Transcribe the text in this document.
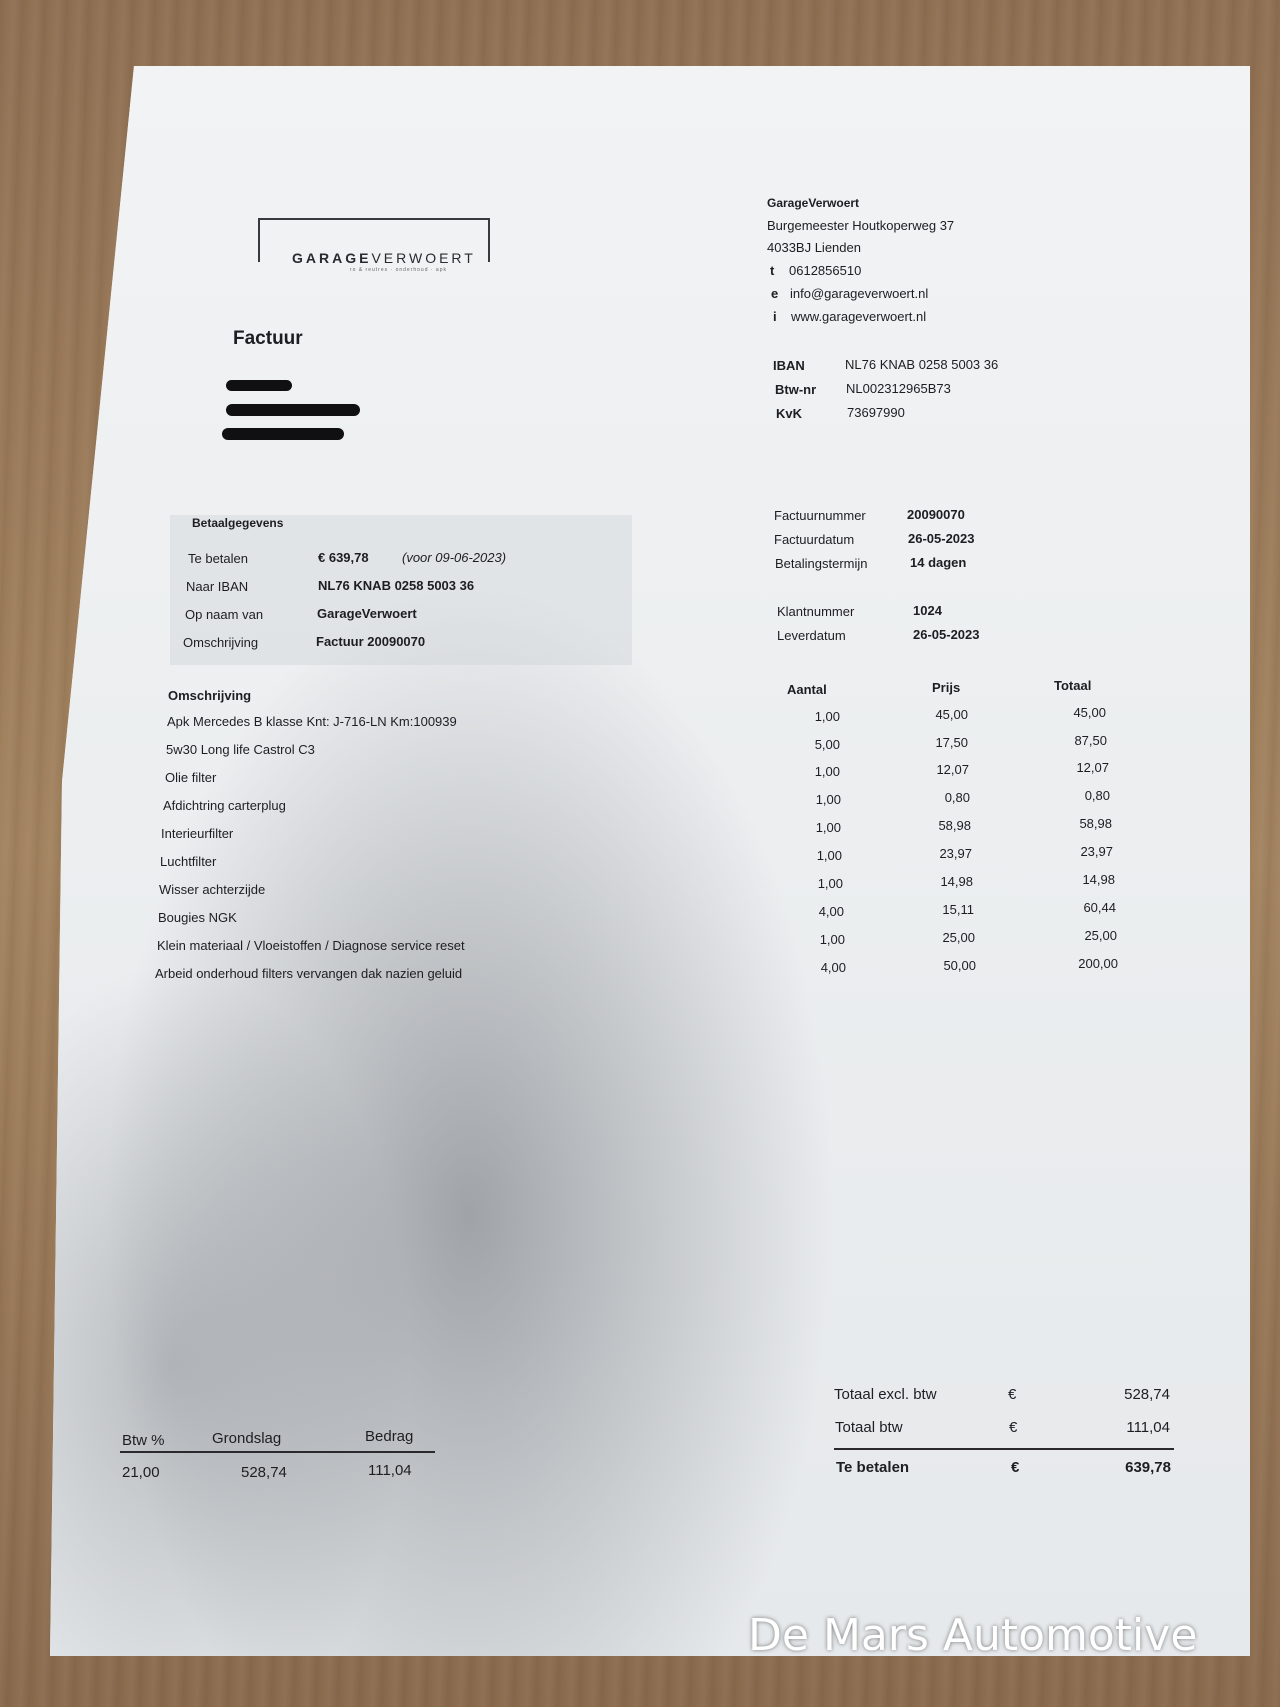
GARAGEVERWOERT
ro & reutres · onderhoud · apk
Factuur
GarageVerwoert
Burgemeester Houtkoperweg 37
4033BJ Lienden
t 0612856510
e info@garageverwoert.nl
i www.garageverwoert.nl
IBAN	NL76 KNAB 0258 5003 36
Btw-nr NL002312965B73
KvK	73697990
Betaalgegevens
Te betalen	€ 639,78	(voor 09-06-2023)
Naar IBAN	NL76 KNAB 0258 5003 36
Op naam van	GarageVerwoert
Omschrijving	Factuur 20090070
Factuurnummer	20090070
Factuurdatum	26-05-2023
Betalingstermijn	14 dagen
Klantnummer	1024
Leverdatum	26-05-2023
Omschrijving	Aantal	Prijs	Totaal
Apk Mercedes B klasse Knt: J-716-LN Km:100939	1,00	45,00	45,00
5w30 Long life Castrol C3	5,00	17,50	87,50
Olie filter	1,00	12,07	12,07
Afdichtring carterplug	1,00	0,80	0,80
Interieurfilter	1,00	58,98	58,98
Luchtfilter	1,00	23,97	23,97
Wisser achterzijde	1,00	14,98	14,98
Bougies NGK	4,00	15,11	60,44
Klein materiaal / Vloeistoffen / Diagnose service reset	1,00	25,00	25,00
Arbeid onderhoud filters vervangen dak nazien geluid	4,00	50,00	200,00
Btw %	Grondslag	Bedrag
21,00	528,74	111,04
Totaal excl. btw	€	528,74
Totaal btw	€	111,04
Te betalen	€	639,78
De Mars Automotive
